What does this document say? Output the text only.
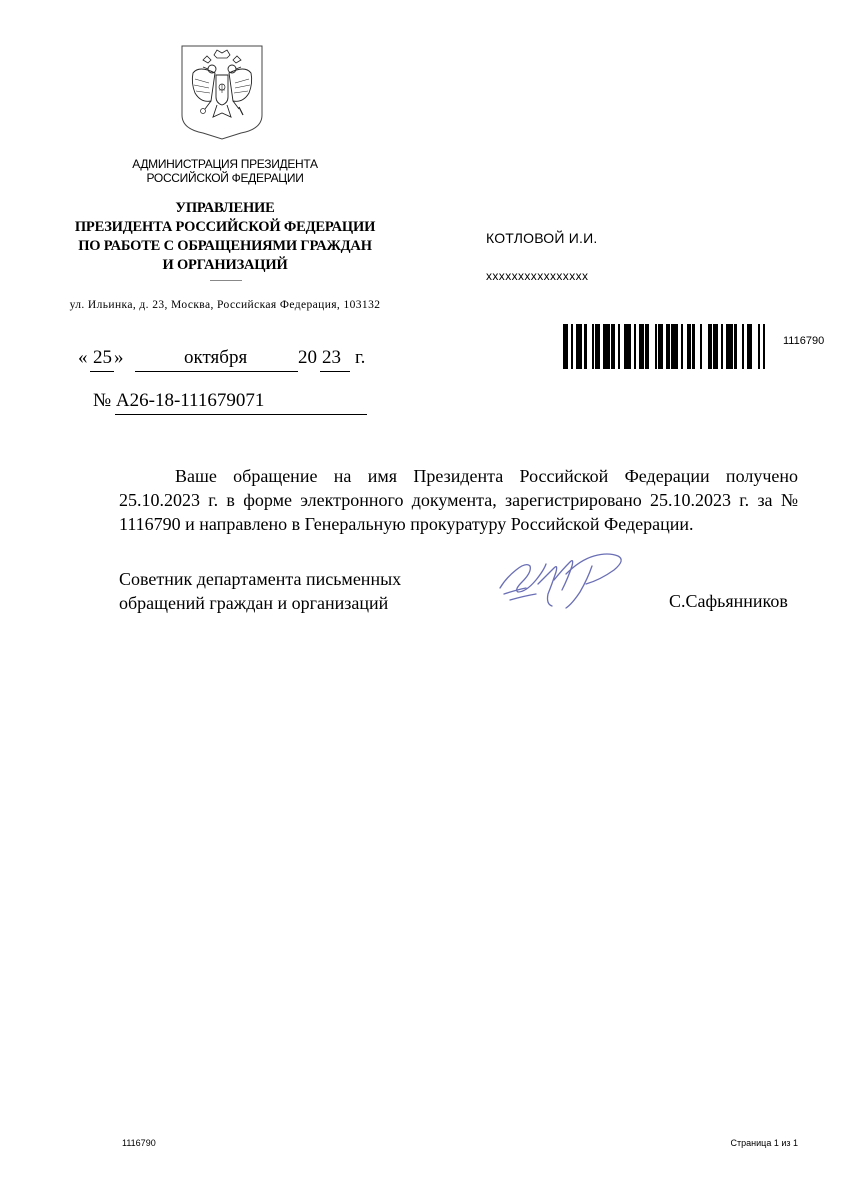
АДМИНИСТРАЦИЯ ПРЕЗИДЕНТА
РОССИЙСКОЙ ФЕДЕРАЦИИ
УПРАВЛЕНИЕ
ПРЕЗИДЕНТА РОССИЙСКОЙ ФЕДЕРАЦИИ
ПО РАБОТЕ С ОБРАЩЕНИЯМИ ГРАЖДАН
И ОРГАНИЗАЦИЙ
ул. Ильинка, д. 23, Москва, Российская Федерация, 103132
КОТЛОВОЙ И.И.
xxxxxxxxxxxxxxxx
1116790
« 25 »	октября	20 23 г.
№ А26-18-111679071
Ваше обращение на имя Президента Российской Федерации получено 25.10.2023 г. в форме электронного документа, зарегистрировано 25.10.2023 г. за № 1116790 и направлено в Генеральную прокуратуру Российской Федерации.
Советник департамента письменных
обращений граждан и организаций	С.Сафьянников
1116790	Страница 1 из 1
